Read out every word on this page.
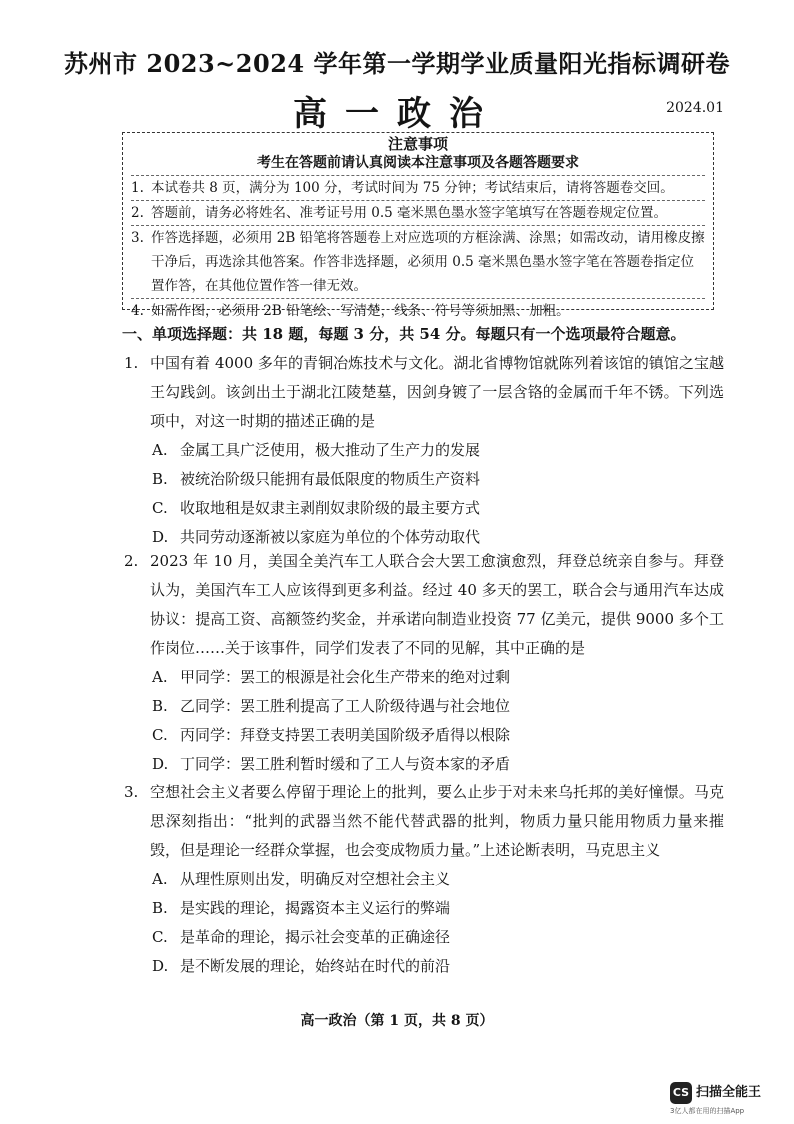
苏州市 2023~2024 学年第一学期学业质量阳光指标调研卷
高一政治	2024.01
注意事项
考生在答题前请认真阅读本注意事项及各题答题要求
1. 本试卷共 8 页，满分为 100 分，考试时间为 75 分钟；考试结束后，请将答题卷交回。
2. 答题前，请务必将姓名、准考证号用 0.5 毫米黑色墨水签字笔填写在答题卷规定位置。
3. 作答选择题，必须用 2B 铅笔将答题卷上对应选项的方框涂满、涂黑；如需改动，请用橡皮擦干净后，再选涂其他答案。作答非选择题，必须用 0.5 毫米黑色墨水签字笔在答题卷指定位置作答，在其他位置作答一律无效。
4. 如需作图，必须用 2B 铅笔绘、写清楚，线条、符号等须加黑、加粗。
一、单项选择题：共 18 题，每题 3 分，共 54 分。每题只有一个选项最符合题意。
1. 中国有着 4000 多年的青铜冶炼技术与文化。湖北省博物馆就陈列着该馆的镇馆之宝越王勾践剑。该剑出土于湖北江陵楚墓，因剑身镀了一层含铬的金属而千年不锈。下列选项中，对这一时期的描述正确的是
A. 金属工具广泛使用，极大推动了生产力的发展
B. 被统治阶级只能拥有最低限度的物质生产资料
C. 收取地租是奴隶主剥削奴隶阶级的最主要方式
D. 共同劳动逐渐被以家庭为单位的个体劳动取代
2. 2023 年 10 月，美国全美汽车工人联合会大罢工愈演愈烈，拜登总统亲自参与。拜登认为，美国汽车工人应该得到更多利益。经过 40 多天的罢工，联合会与通用汽车达成协议：提高工资、高额签约奖金，并承诺向制造业投资 77 亿美元，提供 9000 多个工作岗位……关于该事件，同学们发表了不同的见解，其中正确的是
A. 甲同学：罢工的根源是社会化生产带来的绝对过剩
B. 乙同学：罢工胜利提高了工人阶级待遇与社会地位
C. 丙同学：拜登支持罢工表明美国阶级矛盾得以根除
D. 丁同学：罢工胜利暂时缓和了工人与资本家的矛盾
3. 空想社会主义者要么停留于理论上的批判，要么止步于对未来乌托邦的美好憧憬。马克思深刻指出：“批判的武器当然不能代替武器的批判，物质力量只能用物质力量来摧毁，但是理论一经群众掌握，也会变成物质力量。”上述论断表明，马克思主义
A. 从理性原则出发，明确反对空想社会主义
B. 是实践的理论，揭露资本主义运行的弊端
C. 是革命的理论，揭示社会变革的正确途径
D. 是不断发展的理论，始终站在时代的前沿
高一政治（第 1 页，共 8 页）
CS 扫描全能王
3亿人都在用的扫描App
